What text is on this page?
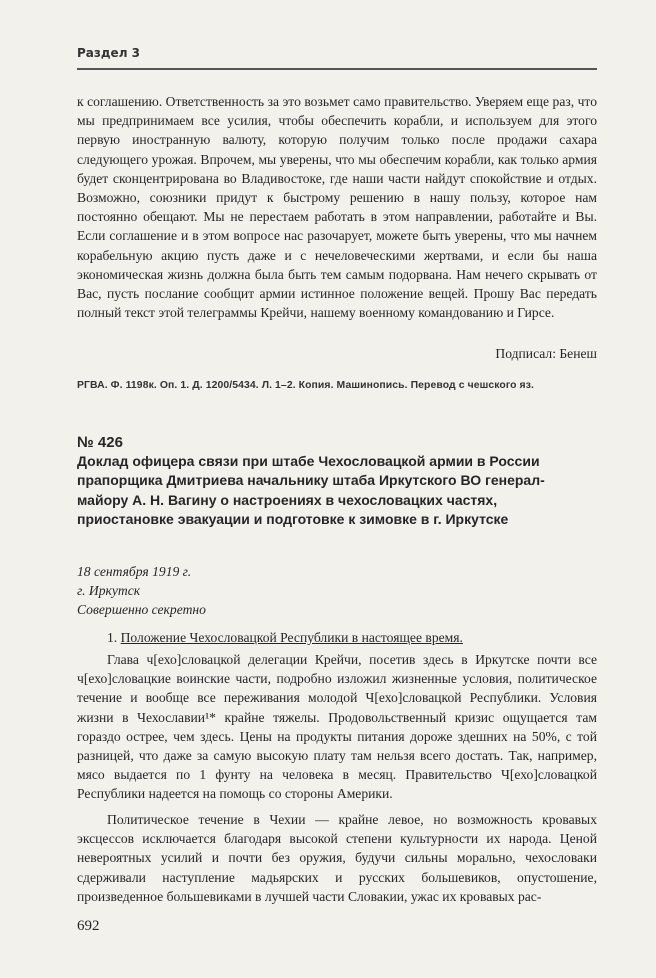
Раздел 3

к соглашению. Ответственность за это возьмет само правительство. Уверяем еще раз, что мы предпринимаем все усилия, чтобы обеспечить корабли, и используем для этого первую иностранную валюту, которую получим только после продажи сахара следующего урожая. Впрочем, мы уверены, что мы обеспечим корабли, как только армия будет сконцентрирована во Владивостоке, где наши части найдут спокойствие и отдых. Возможно, союзники придут к быстрому решению в нашу пользу, которое нам постоянно обещают. Мы не перестаем работать в этом направлении, работайте и Вы. Если соглашение и в этом вопросе нас разочарует, можете быть уверены, что мы начнем корабельную акцию пусть даже и с нечеловеческими жертвами, и если бы наша экономическая жизнь должна была быть тем самым подорвана. Нам нечего скрывать от Вас, пусть послание сообщит армии истинное положение вещей. Прошу Вас передать полный текст этой телеграммы Крейчи, нашему военному командованию и Гирсе.

Подписал: Бенеш
РГВА. Ф. 1198к. Оп. 1. Д. 1200/5434. Л. 1–2. Копия. Машинопись. Перевод с чешского яз.
№ 426

Доклад офицера связи при штабе Чехословацкой армии в России прапорщика Дмитриева начальнику штаба Иркутского ВО генерал-майору А. Н. Вагину о настроениях в чехословацких частях, приостановке эвакуации и подготовке к зимовке в г. Иркутске

18 сентября 1919 г.
г. Иркутск
Совершенно секретно
1. Положение Чехословацкой Республики в настоящее время.

Глава ч[ехо]словацкой делегации Крейчи, посетив здесь в Иркутске почти все ч[ехо]словацкие воинские части, подробно изложил жизненные условия, политическое течение и вообще все переживания молодой Ч[ехо]словацкой Республики. Условия жизни в Чехославии¹* крайне тяжелы. Продовольственный кризис ощущается там гораздо острее, чем здесь. Цены на продукты питания дороже здешних на 50%, с той разницей, что даже за самую высокую плату там нельзя всего достать. Так, например, мясо выдается по 1 фунту на человека в месяц. Правительство Ч[ехо]словацкой Республики надеется на помощь со стороны Америки.

Политическое течение в Чехии — крайне левое, но возможность кровавых эксцессов исключается благодаря высокой степени культурности их народа. Ценой невероятных усилий и почти без оружия, будучи сильны морально, чехословаки сдерживали наступление мадьярских и русских большевиков, опустошение, произведенное большевиками в лучшей части Словакии, ужас их кровавых рас-

692
